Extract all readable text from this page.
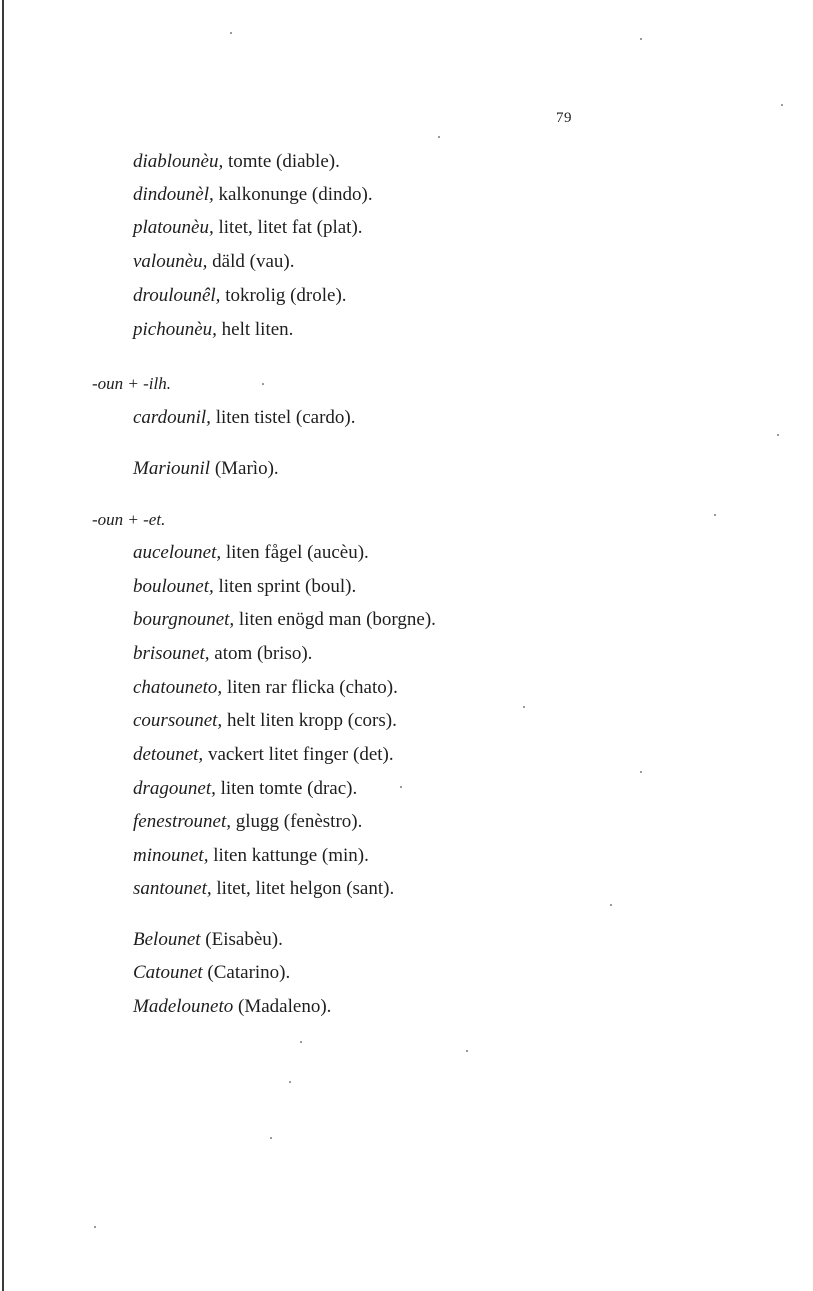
79
diablounèu, tomte (diable).
dindounèl, kalkonunge (dindo).
platounèu, litet, litet fat (plat).
valounèu, däld (vau).
droulounêl, tokrolig (drole).
pichounèu, helt liten.
-oun + -ilh.
cardounil, liten tistel (cardo).
Mariounil (Marìo).
-oun + -et.
aucelounet, liten fågel (aucèu).
boulounet, liten sprint (boul).
bourgnounet, liten enögd man (borgne).
brisounet, atom (briso).
chatouneto, liten rar flicka (chato).
coursounet, helt liten kropp (cors).
detounet, vackert litet finger (det).
dragounet, liten tomte (drac).
fenestrounet, glugg (fenèstro).
minounet, liten kattunge (min).
santounet, litet, litet helgon (sant).
Belounet (Eisabèu).
Catounet (Catarino).
Madelouneto (Madaleno).
